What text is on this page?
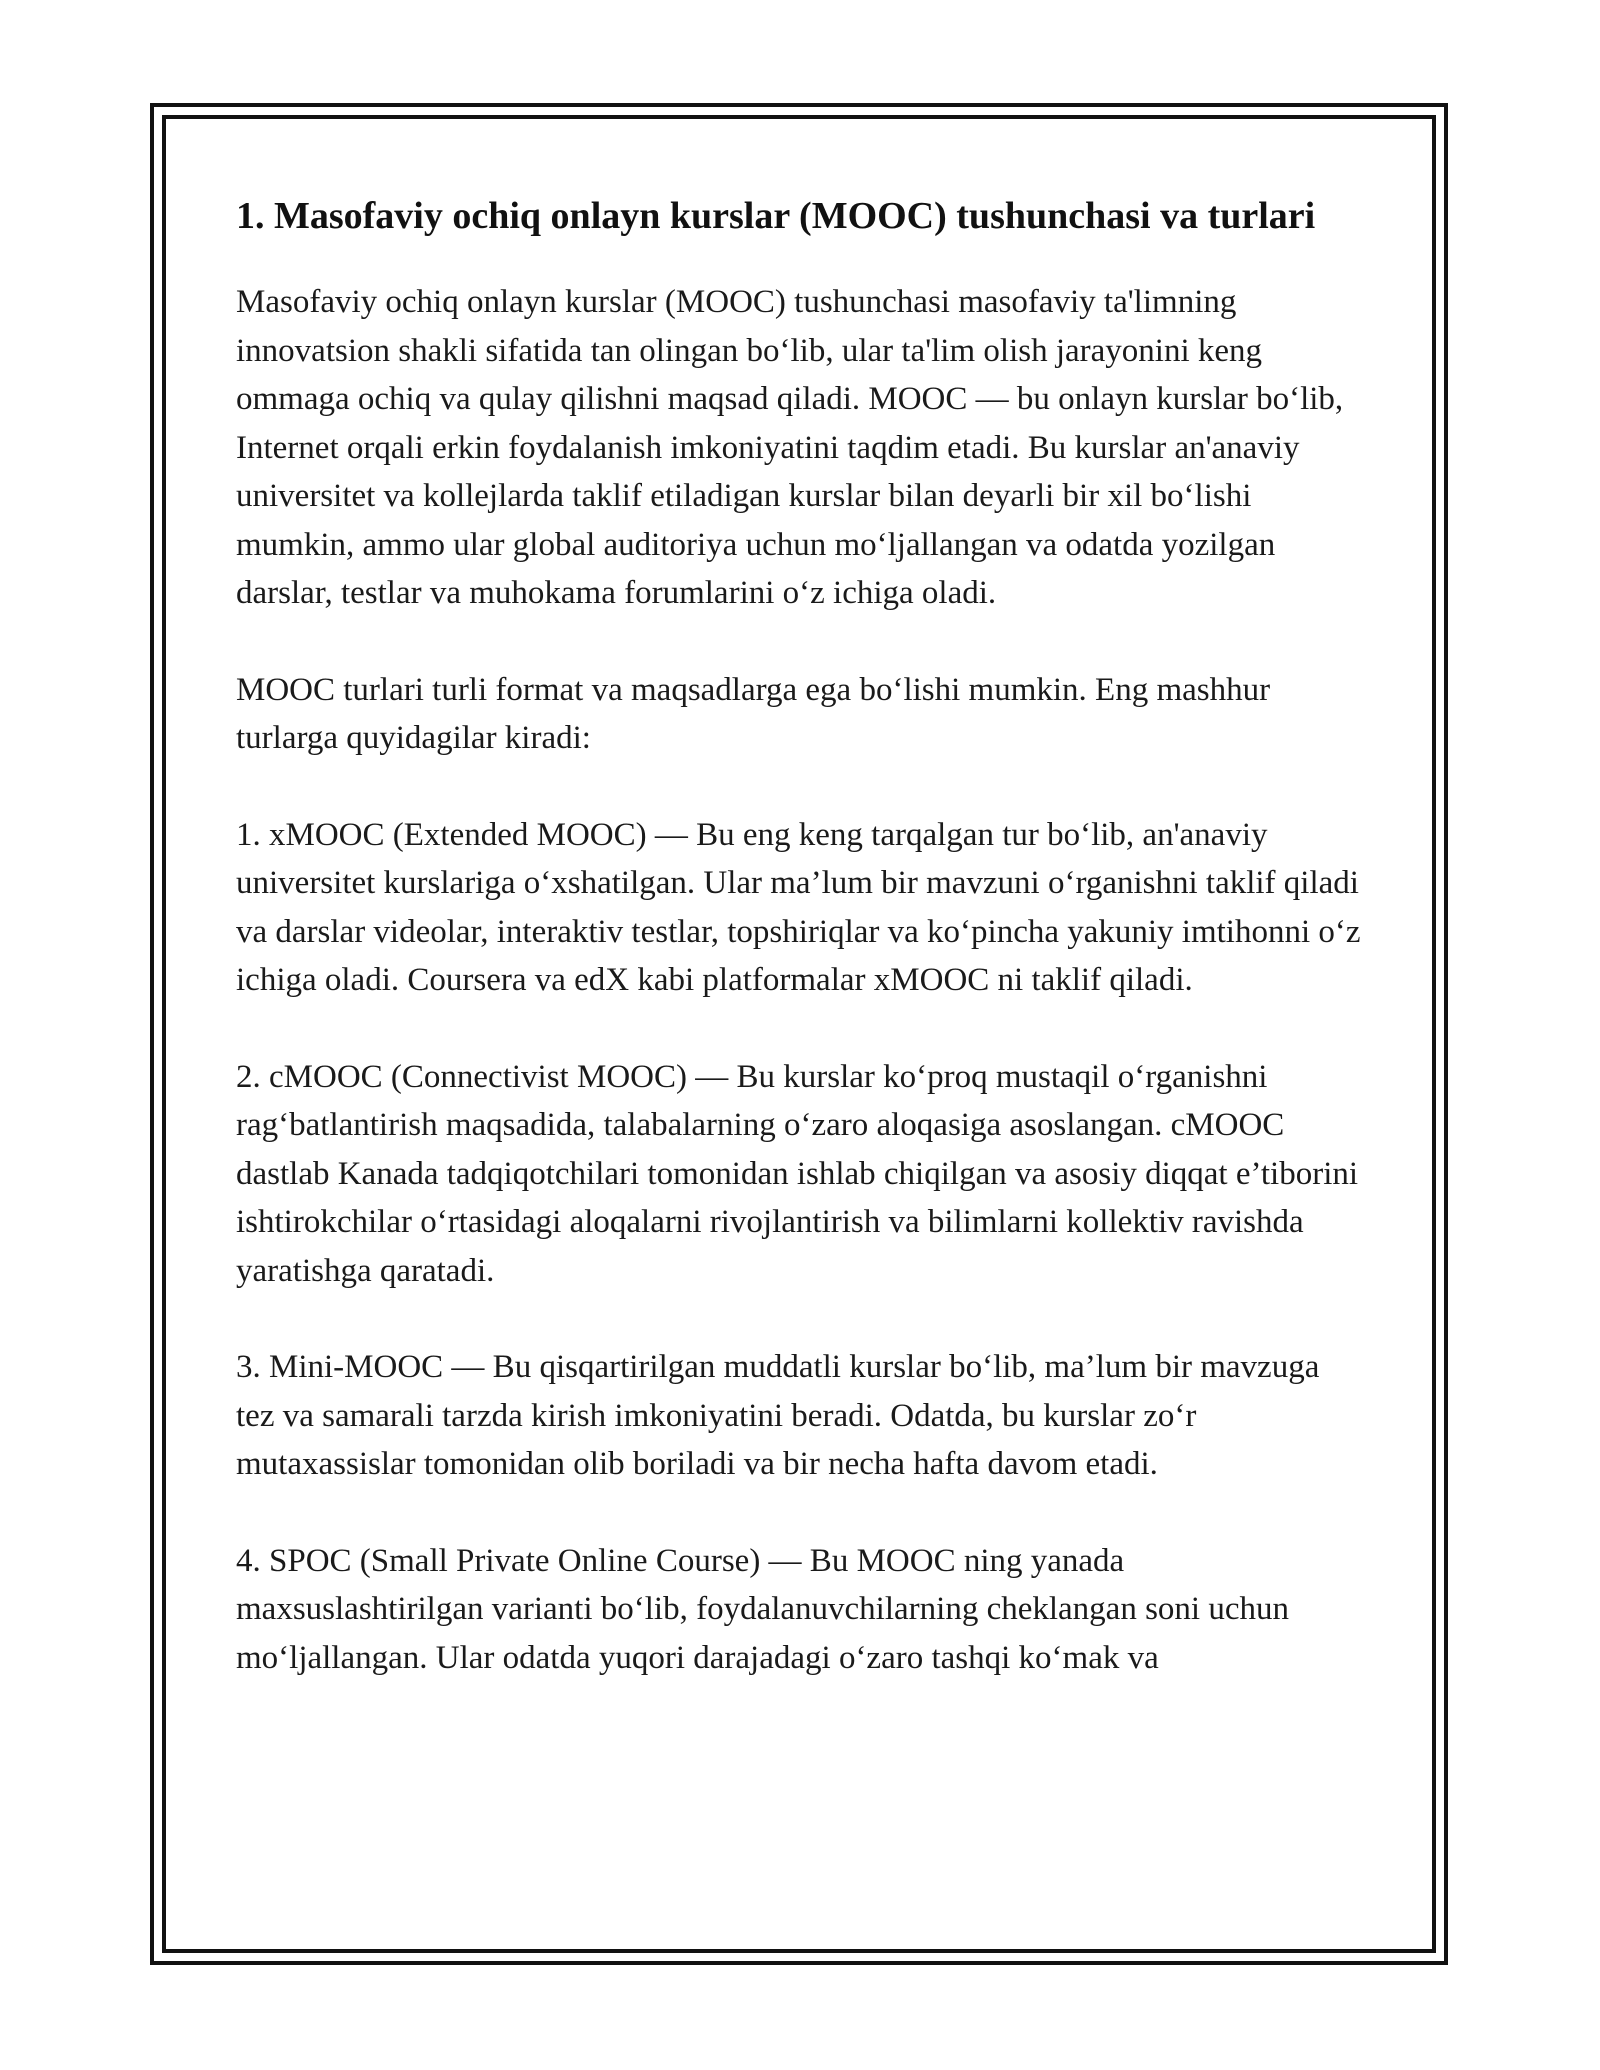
1. Masofaviy ochiq onlayn kurslar (MOOC) tushunchasi va turlari

Masofaviy ochiq onlayn kurslar (MOOC) tushunchasi masofaviy ta'limning innovatsion shakli sifatida tan olingan bo‘lib, ular ta'lim olish jarayonini keng ommaga ochiq va qulay qilishni maqsad qiladi. MOOC — bu onlayn kurslar bo‘lib, Internet orqali erkin foydalanish imkoniyatini taqdim etadi. Bu kurslar an'anaviy universitet va kollejlarda taklif etiladigan kurslar bilan deyarli bir xil bo‘lishi mumkin, ammo ular global auditoriya uchun mo‘ljallangan va odatda yozilgan darslar, testlar va muhokama forumlarini o‘z ichiga oladi.

MOOC turlari turli format va maqsadlarga ega bo‘lishi mumkin. Eng mashhur turlarga quyidagilar kiradi:

1. xMOOC (Extended MOOC) — Bu eng keng tarqalgan tur bo‘lib, an'anaviy universitet kurslariga o‘xshatilgan. Ular ma’lum bir mavzuni o‘rganishni taklif qiladi va darslar videolar, interaktiv testlar, topshiriqlar va ko‘pincha yakuniy imtihonni o‘z ichiga oladi. Coursera va edX kabi platformalar xMOOC ni taklif qiladi.

2. cMOOC (Connectivist MOOC) — Bu kurslar ko‘proq mustaqil o‘rganishni rag‘batlantirish maqsadida, talabalarning o‘zaro aloqasiga asoslangan. cMOOC dastlab Kanada tadqiqotchilari tomonidan ishlab chiqilgan va asosiy diqqat e’tiborini ishtirokchilar o‘rtasidagi aloqalarni rivojlantirish va bilimlarni kollektiv ravishda yaratishga qaratadi.

3. Mini-MOOC — Bu qisqartirilgan muddatli kurslar bo‘lib, ma’lum bir mavzuga tez va samarali tarzda kirish imkoniyatini beradi. Odatda, bu kurslar zo‘r mutaxassislar tomonidan olib boriladi va bir necha hafta davom etadi.

4. SPOC (Small Private Online Course) — Bu MOOC ning yanada maxsuslashtirilgan varianti bo‘lib, foydalanuvchilarning cheklangan soni uchun mo‘ljallangan. Ular odatda yuqori darajadagi o‘zaro tashqi ko‘mak va
